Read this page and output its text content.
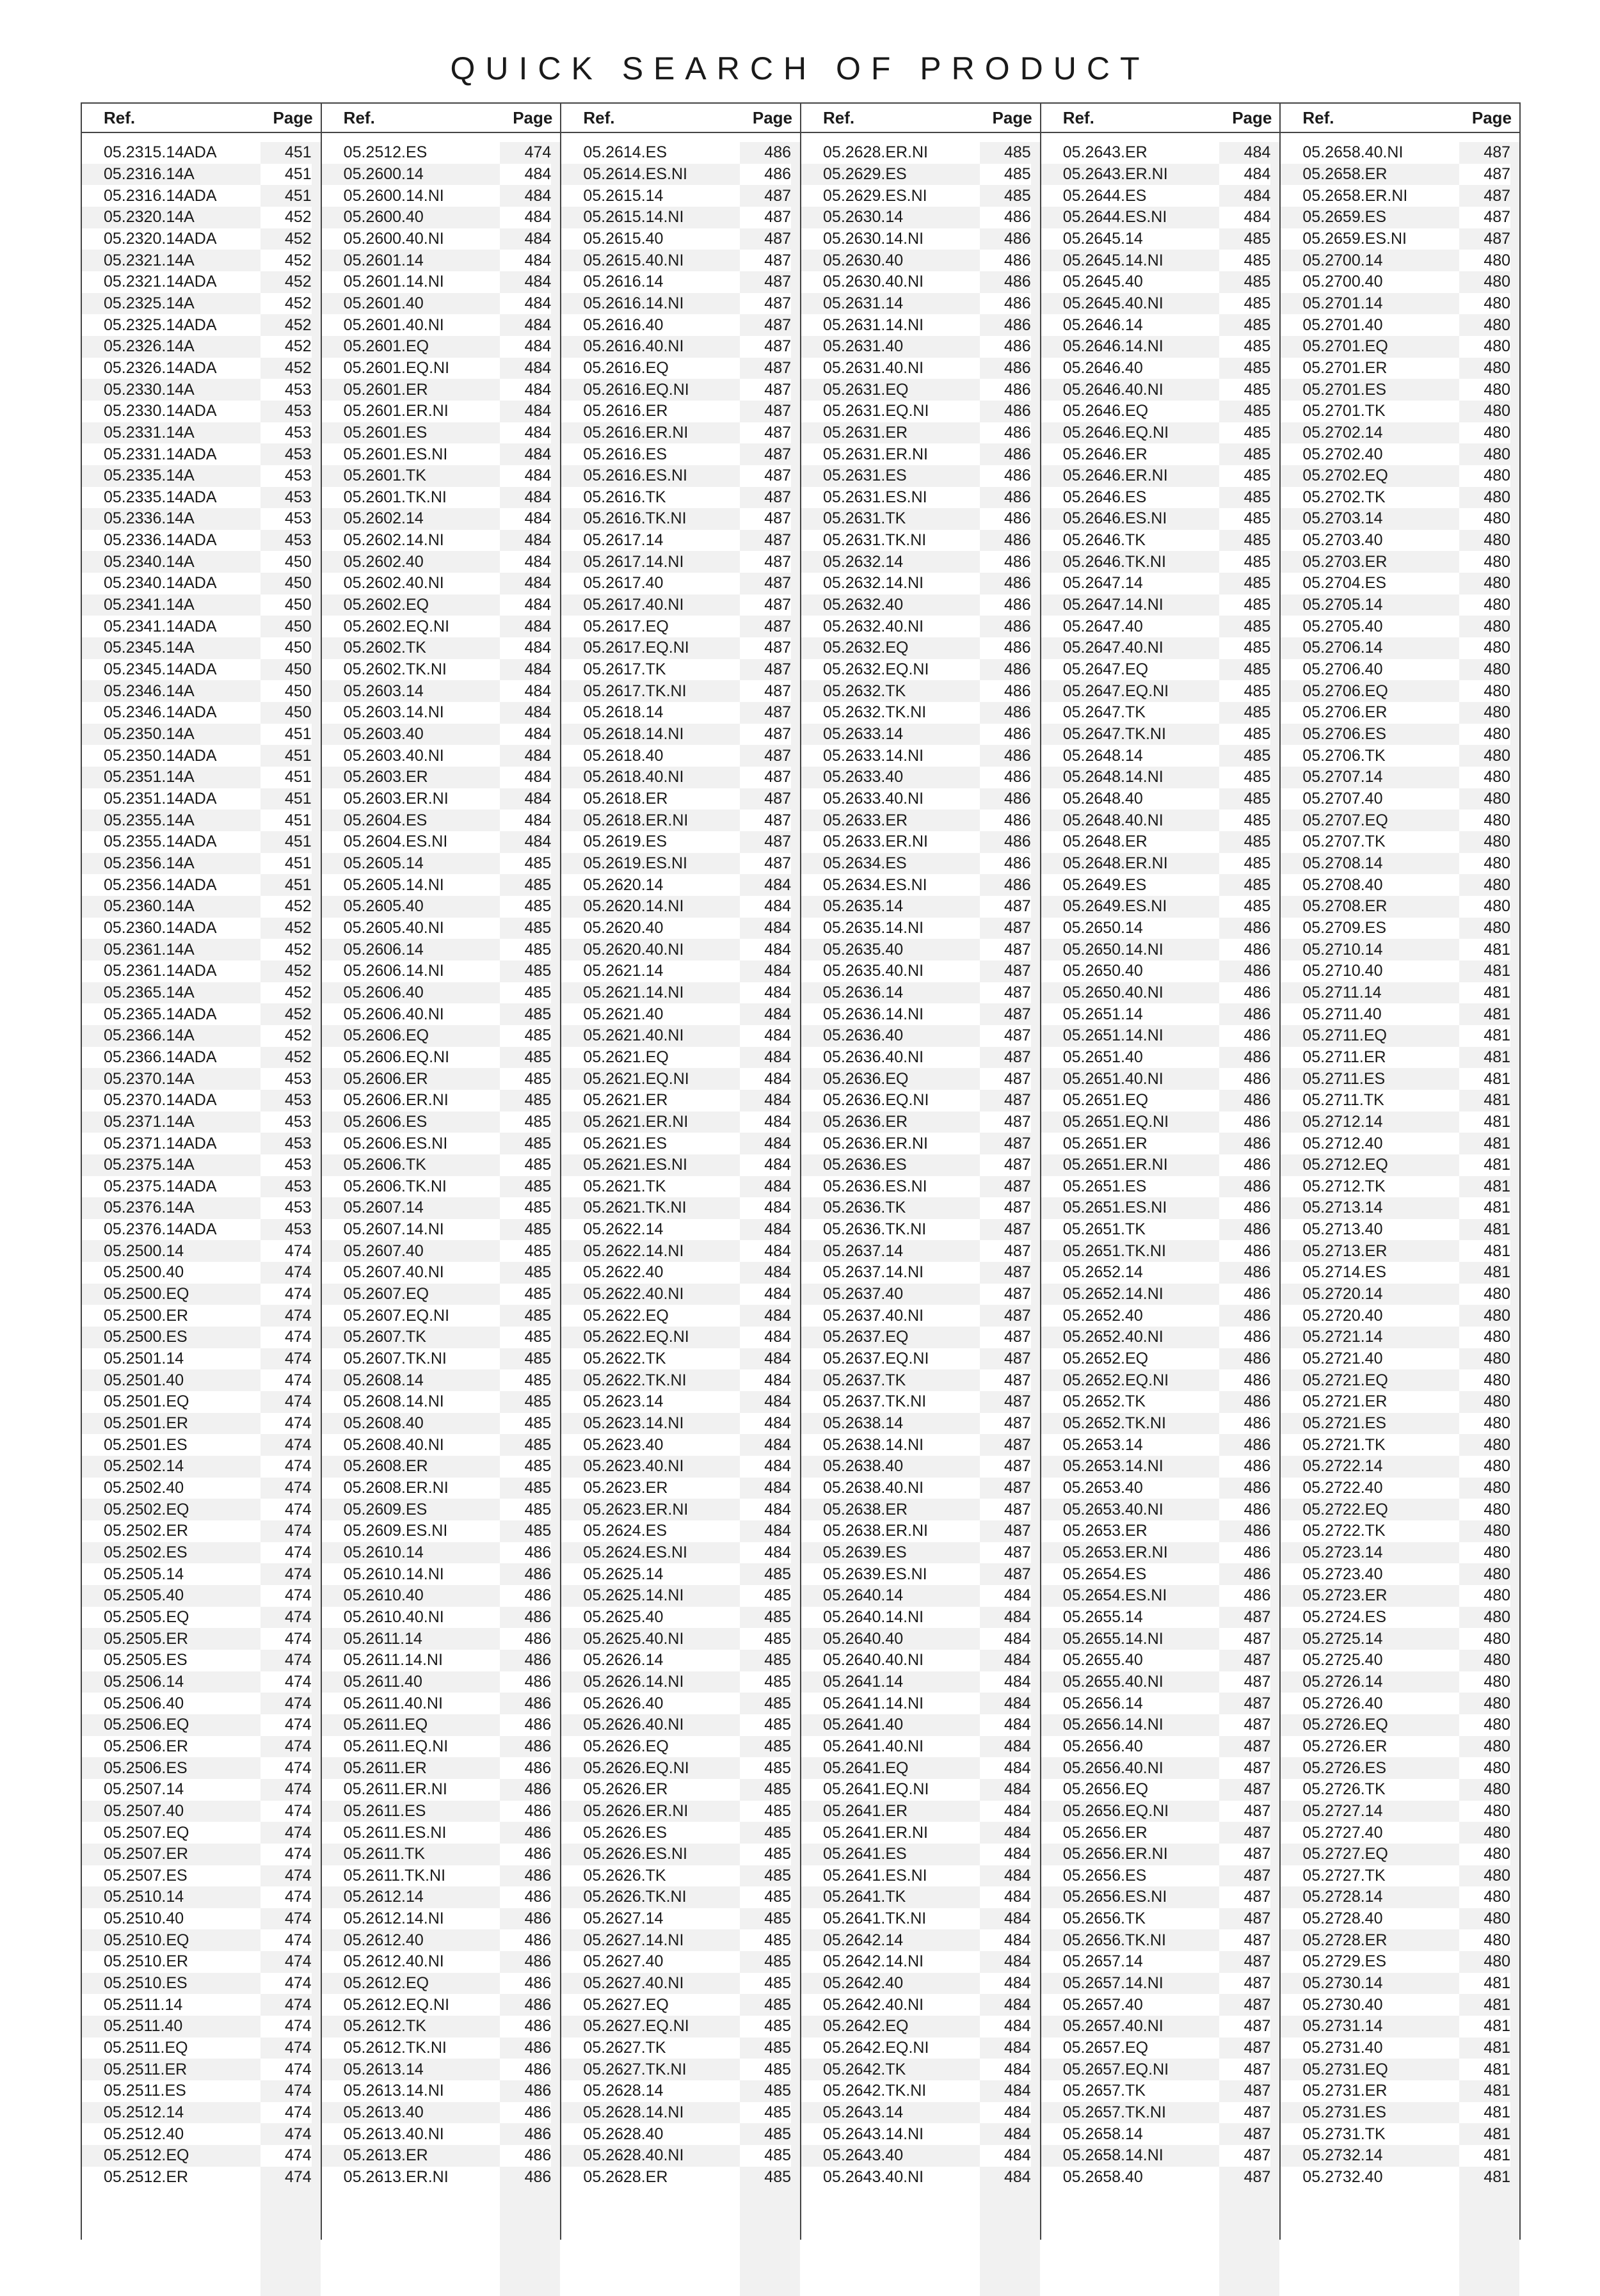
QUICK SEARCH OF PRODUCT
Ref.	Page
05.2315.14ADA	451
05.2316.14A	451
05.2316.14ADA	451
05.2320.14A	452
05.2320.14ADA	452
05.2321.14A	452
05.2321.14ADA	452
05.2325.14A	452
05.2325.14ADA	452
05.2326.14A	452
05.2326.14ADA	452
05.2330.14A	453
05.2330.14ADA	453
05.2331.14A	453
05.2331.14ADA	453
05.2335.14A	453
05.2335.14ADA	453
05.2336.14A	453
05.2336.14ADA	453
05.2340.14A	450
05.2340.14ADA	450
05.2341.14A	450
05.2341.14ADA	450
05.2345.14A	450
05.2345.14ADA	450
05.2346.14A	450
05.2346.14ADA	450
05.2350.14A	451
05.2350.14ADA	451
05.2351.14A	451
05.2351.14ADA	451
05.2355.14A	451
05.2355.14ADA	451
05.2356.14A	451
05.2356.14ADA	451
05.2360.14A	452
05.2360.14ADA	452
05.2361.14A	452
05.2361.14ADA	452
05.2365.14A	452
05.2365.14ADA	452
05.2366.14A	452
05.2366.14ADA	452
05.2370.14A	453
05.2370.14ADA	453
05.2371.14A	453
05.2371.14ADA	453
05.2375.14A	453
05.2375.14ADA	453
05.2376.14A	453
05.2376.14ADA	453
05.2500.14	474
05.2500.40	474
05.2500.EQ	474
05.2500.ER	474
05.2500.ES	474
05.2501.14	474
05.2501.40	474
05.2501.EQ	474
05.2501.ER	474
05.2501.ES	474
05.2502.14	474
05.2502.40	474
05.2502.EQ	474
05.2502.ER	474
05.2502.ES	474
05.2505.14	474
05.2505.40	474
05.2505.EQ	474
05.2505.ER	474
05.2505.ES	474
05.2506.14	474
05.2506.40	474
05.2506.EQ	474
05.2506.ER	474
05.2506.ES	474
05.2507.14	474
05.2507.40	474
05.2507.EQ	474
05.2507.ER	474
05.2507.ES	474
05.2510.14	474
05.2510.40	474
05.2510.EQ	474
05.2510.ER	474
05.2510.ES	474
05.2511.14	474
05.2511.40	474
05.2511.EQ	474
05.2511.ER	474
05.2511.ES	474
05.2512.14	474
05.2512.40	474
05.2512.EQ	474
05.2512.ER	474
Ref.	Page
05.2512.ES	474
05.2600.14	484
05.2600.14.NI	484
05.2600.40	484
05.2600.40.NI	484
05.2601.14	484
05.2601.14.NI	484
05.2601.40	484
05.2601.40.NI	484
05.2601.EQ	484
05.2601.EQ.NI	484
05.2601.ER	484
05.2601.ER.NI	484
05.2601.ES	484
05.2601.ES.NI	484
05.2601.TK	484
05.2601.TK.NI	484
05.2602.14	484
05.2602.14.NI	484
05.2602.40	484
05.2602.40.NI	484
05.2602.EQ	484
05.2602.EQ.NI	484
05.2602.TK	484
05.2602.TK.NI	484
05.2603.14	484
05.2603.14.NI	484
05.2603.40	484
05.2603.40.NI	484
05.2603.ER	484
05.2603.ER.NI	484
05.2604.ES	484
05.2604.ES.NI	484
05.2605.14	485
05.2605.14.NI	485
05.2605.40	485
05.2605.40.NI	485
05.2606.14	485
05.2606.14.NI	485
05.2606.40	485
05.2606.40.NI	485
05.2606.EQ	485
05.2606.EQ.NI	485
05.2606.ER	485
05.2606.ER.NI	485
05.2606.ES	485
05.2606.ES.NI	485
05.2606.TK	485
05.2606.TK.NI	485
05.2607.14	485
05.2607.14.NI	485
05.2607.40	485
05.2607.40.NI	485
05.2607.EQ	485
05.2607.EQ.NI	485
05.2607.TK	485
05.2607.TK.NI	485
05.2608.14	485
05.2608.14.NI	485
05.2608.40	485
05.2608.40.NI	485
05.2608.ER	485
05.2608.ER.NI	485
05.2609.ES	485
05.2609.ES.NI	485
05.2610.14	486
05.2610.14.NI	486
05.2610.40	486
05.2610.40.NI	486
05.2611.14	486
05.2611.14.NI	486
05.2611.40	486
05.2611.40.NI	486
05.2611.EQ	486
05.2611.EQ.NI	486
05.2611.ER	486
05.2611.ER.NI	486
05.2611.ES	486
05.2611.ES.NI	486
05.2611.TK	486
05.2611.TK.NI	486
05.2612.14	486
05.2612.14.NI	486
05.2612.40	486
05.2612.40.NI	486
05.2612.EQ	486
05.2612.EQ.NI	486
05.2612.TK	486
05.2612.TK.NI	486
05.2613.14	486
05.2613.14.NI	486
05.2613.40	486
05.2613.40.NI	486
05.2613.ER	486
05.2613.ER.NI	486
Ref.	Page
05.2614.ES	486
05.2614.ES.NI	486
05.2615.14	487
05.2615.14.NI	487
05.2615.40	487
05.2615.40.NI	487
05.2616.14	487
05.2616.14.NI	487
05.2616.40	487
05.2616.40.NI	487
05.2616.EQ	487
05.2616.EQ.NI	487
05.2616.ER	487
05.2616.ER.NI	487
05.2616.ES	487
05.2616.ES.NI	487
05.2616.TK	487
05.2616.TK.NI	487
05.2617.14	487
05.2617.14.NI	487
05.2617.40	487
05.2617.40.NI	487
05.2617.EQ	487
05.2617.EQ.NI	487
05.2617.TK	487
05.2617.TK.NI	487
05.2618.14	487
05.2618.14.NI	487
05.2618.40	487
05.2618.40.NI	487
05.2618.ER	487
05.2618.ER.NI	487
05.2619.ES	487
05.2619.ES.NI	487
05.2620.14	484
05.2620.14.NI	484
05.2620.40	484
05.2620.40.NI	484
05.2621.14	484
05.2621.14.NI	484
05.2621.40	484
05.2621.40.NI	484
05.2621.EQ	484
05.2621.EQ.NI	484
05.2621.ER	484
05.2621.ER.NI	484
05.2621.ES	484
05.2621.ES.NI	484
05.2621.TK	484
05.2621.TK.NI	484
05.2622.14	484
05.2622.14.NI	484
05.2622.40	484
05.2622.40.NI	484
05.2622.EQ	484
05.2622.EQ.NI	484
05.2622.TK	484
05.2622.TK.NI	484
05.2623.14	484
05.2623.14.NI	484
05.2623.40	484
05.2623.40.NI	484
05.2623.ER	484
05.2623.ER.NI	484
05.2624.ES	484
05.2624.ES.NI	484
05.2625.14	485
05.2625.14.NI	485
05.2625.40	485
05.2625.40.NI	485
05.2626.14	485
05.2626.14.NI	485
05.2626.40	485
05.2626.40.NI	485
05.2626.EQ	485
05.2626.EQ.NI	485
05.2626.ER	485
05.2626.ER.NI	485
05.2626.ES	485
05.2626.ES.NI	485
05.2626.TK	485
05.2626.TK.NI	485
05.2627.14	485
05.2627.14.NI	485
05.2627.40	485
05.2627.40.NI	485
05.2627.EQ	485
05.2627.EQ.NI	485
05.2627.TK	485
05.2627.TK.NI	485
05.2628.14	485
05.2628.14.NI	485
05.2628.40	485
05.2628.40.NI	485
05.2628.ER	485
Ref.	Page
05.2628.ER.NI	485
05.2629.ES	485
05.2629.ES.NI	485
05.2630.14	486
05.2630.14.NI	486
05.2630.40	486
05.2630.40.NI	486
05.2631.14	486
05.2631.14.NI	486
05.2631.40	486
05.2631.40.NI	486
05.2631.EQ	486
05.2631.EQ.NI	486
05.2631.ER	486
05.2631.ER.NI	486
05.2631.ES	486
05.2631.ES.NI	486
05.2631.TK	486
05.2631.TK.NI	486
05.2632.14	486
05.2632.14.NI	486
05.2632.40	486
05.2632.40.NI	486
05.2632.EQ	486
05.2632.EQ.NI	486
05.2632.TK	486
05.2632.TK.NI	486
05.2633.14	486
05.2633.14.NI	486
05.2633.40	486
05.2633.40.NI	486
05.2633.ER	486
05.2633.ER.NI	486
05.2634.ES	486
05.2634.ES.NI	486
05.2635.14	487
05.2635.14.NI	487
05.2635.40	487
05.2635.40.NI	487
05.2636.14	487
05.2636.14.NI	487
05.2636.40	487
05.2636.40.NI	487
05.2636.EQ	487
05.2636.EQ.NI	487
05.2636.ER	487
05.2636.ER.NI	487
05.2636.ES	487
05.2636.ES.NI	487
05.2636.TK	487
05.2636.TK.NI	487
05.2637.14	487
05.2637.14.NI	487
05.2637.40	487
05.2637.40.NI	487
05.2637.EQ	487
05.2637.EQ.NI	487
05.2637.TK	487
05.2637.TK.NI	487
05.2638.14	487
05.2638.14.NI	487
05.2638.40	487
05.2638.40.NI	487
05.2638.ER	487
05.2638.ER.NI	487
05.2639.ES	487
05.2639.ES.NI	487
05.2640.14	484
05.2640.14.NI	484
05.2640.40	484
05.2640.40.NI	484
05.2641.14	484
05.2641.14.NI	484
05.2641.40	484
05.2641.40.NI	484
05.2641.EQ	484
05.2641.EQ.NI	484
05.2641.ER	484
05.2641.ER.NI	484
05.2641.ES	484
05.2641.ES.NI	484
05.2641.TK	484
05.2641.TK.NI	484
05.2642.14	484
05.2642.14.NI	484
05.2642.40	484
05.2642.40.NI	484
05.2642.EQ	484
05.2642.EQ.NI	484
05.2642.TK	484
05.2642.TK.NI	484
05.2643.14	484
05.2643.14.NI	484
05.2643.40	484
05.2643.40.NI	484
Ref.	Page
05.2643.ER	484
05.2643.ER.NI	484
05.2644.ES	484
05.2644.ES.NI	484
05.2645.14	485
05.2645.14.NI	485
05.2645.40	485
05.2645.40.NI	485
05.2646.14	485
05.2646.14.NI	485
05.2646.40	485
05.2646.40.NI	485
05.2646.EQ	485
05.2646.EQ.NI	485
05.2646.ER	485
05.2646.ER.NI	485
05.2646.ES	485
05.2646.ES.NI	485
05.2646.TK	485
05.2646.TK.NI	485
05.2647.14	485
05.2647.14.NI	485
05.2647.40	485
05.2647.40.NI	485
05.2647.EQ	485
05.2647.EQ.NI	485
05.2647.TK	485
05.2647.TK.NI	485
05.2648.14	485
05.2648.14.NI	485
05.2648.40	485
05.2648.40.NI	485
05.2648.ER	485
05.2648.ER.NI	485
05.2649.ES	485
05.2649.ES.NI	485
05.2650.14	486
05.2650.14.NI	486
05.2650.40	486
05.2650.40.NI	486
05.2651.14	486
05.2651.14.NI	486
05.2651.40	486
05.2651.40.NI	486
05.2651.EQ	486
05.2651.EQ.NI	486
05.2651.ER	486
05.2651.ER.NI	486
05.2651.ES	486
05.2651.ES.NI	486
05.2651.TK	486
05.2651.TK.NI	486
05.2652.14	486
05.2652.14.NI	486
05.2652.40	486
05.2652.40.NI	486
05.2652.EQ	486
05.2652.EQ.NI	486
05.2652.TK	486
05.2652.TK.NI	486
05.2653.14	486
05.2653.14.NI	486
05.2653.40	486
05.2653.40.NI	486
05.2653.ER	486
05.2653.ER.NI	486
05.2654.ES	486
05.2654.ES.NI	486
05.2655.14	487
05.2655.14.NI	487
05.2655.40	487
05.2655.40.NI	487
05.2656.14	487
05.2656.14.NI	487
05.2656.40	487
05.2656.40.NI	487
05.2656.EQ	487
05.2656.EQ.NI	487
05.2656.ER	487
05.2656.ER.NI	487
05.2656.ES	487
05.2656.ES.NI	487
05.2656.TK	487
05.2656.TK.NI	487
05.2657.14	487
05.2657.14.NI	487
05.2657.40	487
05.2657.40.NI	487
05.2657.EQ	487
05.2657.EQ.NI	487
05.2657.TK	487
05.2657.TK.NI	487
05.2658.14	487
05.2658.14.NI	487
05.2658.40	487
Ref.	Page
05.2658.40.NI	487
05.2658.ER	487
05.2658.ER.NI	487
05.2659.ES	487
05.2659.ES.NI	487
05.2700.14	480
05.2700.40	480
05.2701.14	480
05.2701.40	480
05.2701.EQ	480
05.2701.ER	480
05.2701.ES	480
05.2701.TK	480
05.2702.14	480
05.2702.40	480
05.2702.EQ	480
05.2702.TK	480
05.2703.14	480
05.2703.40	480
05.2703.ER	480
05.2704.ES	480
05.2705.14	480
05.2705.40	480
05.2706.14	480
05.2706.40	480
05.2706.EQ	480
05.2706.ER	480
05.2706.ES	480
05.2706.TK	480
05.2707.14	480
05.2707.40	480
05.2707.EQ	480
05.2707.TK	480
05.2708.14	480
05.2708.40	480
05.2708.ER	480
05.2709.ES	480
05.2710.14	481
05.2710.40	481
05.2711.14	481
05.2711.40	481
05.2711.EQ	481
05.2711.ER	481
05.2711.ES	481
05.2711.TK	481
05.2712.14	481
05.2712.40	481
05.2712.EQ	481
05.2712.TK	481
05.2713.14	481
05.2713.40	481
05.2713.ER	481
05.2714.ES	481
05.2720.14	480
05.2720.40	480
05.2721.14	480
05.2721.40	480
05.2721.EQ	480
05.2721.ER	480
05.2721.ES	480
05.2721.TK	480
05.2722.14	480
05.2722.40	480
05.2722.EQ	480
05.2722.TK	480
05.2723.14	480
05.2723.40	480
05.2723.ER	480
05.2724.ES	480
05.2725.14	480
05.2725.40	480
05.2726.14	480
05.2726.40	480
05.2726.EQ	480
05.2726.ER	480
05.2726.ES	480
05.2726.TK	480
05.2727.14	480
05.2727.40	480
05.2727.EQ	480
05.2727.TK	480
05.2728.14	480
05.2728.40	480
05.2728.ER	480
05.2729.ES	480
05.2730.14	481
05.2730.40	481
05.2731.14	481
05.2731.40	481
05.2731.EQ	481
05.2731.ER	481
05.2731.ES	481
05.2731.TK	481
05.2732.14	481
05.2732.40	481
